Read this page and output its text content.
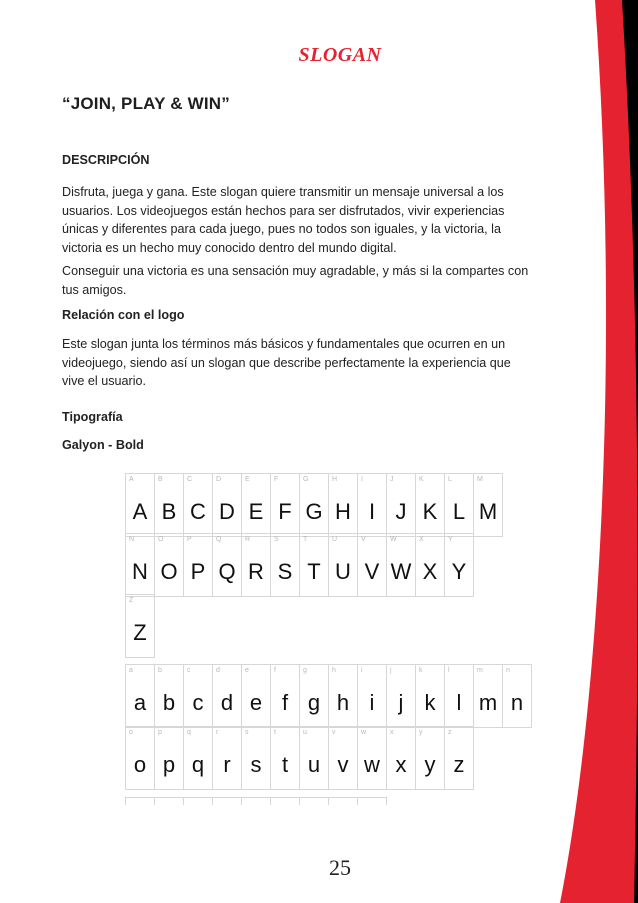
SLOGAN
“JOIN, PLAY & WIN”
DESCRIPCIÓN
Disfruta, juega y gana. Este slogan quiere transmitir un mensaje universal a los usuarios. Los videojuegos están hechos para ser disfrutados, vivir experiencias únicas y diferentes para cada juego, pues no todos son iguales, y la victoria, la victoria es un hecho muy conocido dentro del mundo digital.
Conseguir una victoria es una sensación muy agradable, y más si la compartes con tus amigos.
Relación con el logo
Este slogan junta los términos más básicos y fundamentales que ocurren en un videojuego, siendo así un slogan que describe perfectamente la experiencia que vive el usuario.
Tipografía
Galyon - Bold
A
A
B
B
C
C
D
D
E
E
F
F
G
G
H
H
I
I
J
J
K
K
L
L
M
M
N
N
O
O
P
P
Q
Q
R
R
S
S
T
T
U
U
V
V
W
W
X
X
Y
Y
Z
Z
a
a
b
b
c
c
d
d
e
e
f
f
g
g
h
h
i
i
j
j
k
k
l
l
m
m
n
n
o
o
p
p
q
q
r
r
s
s
t
t
u
u
v
v
w
w
x
x
y
y
z
z
25
